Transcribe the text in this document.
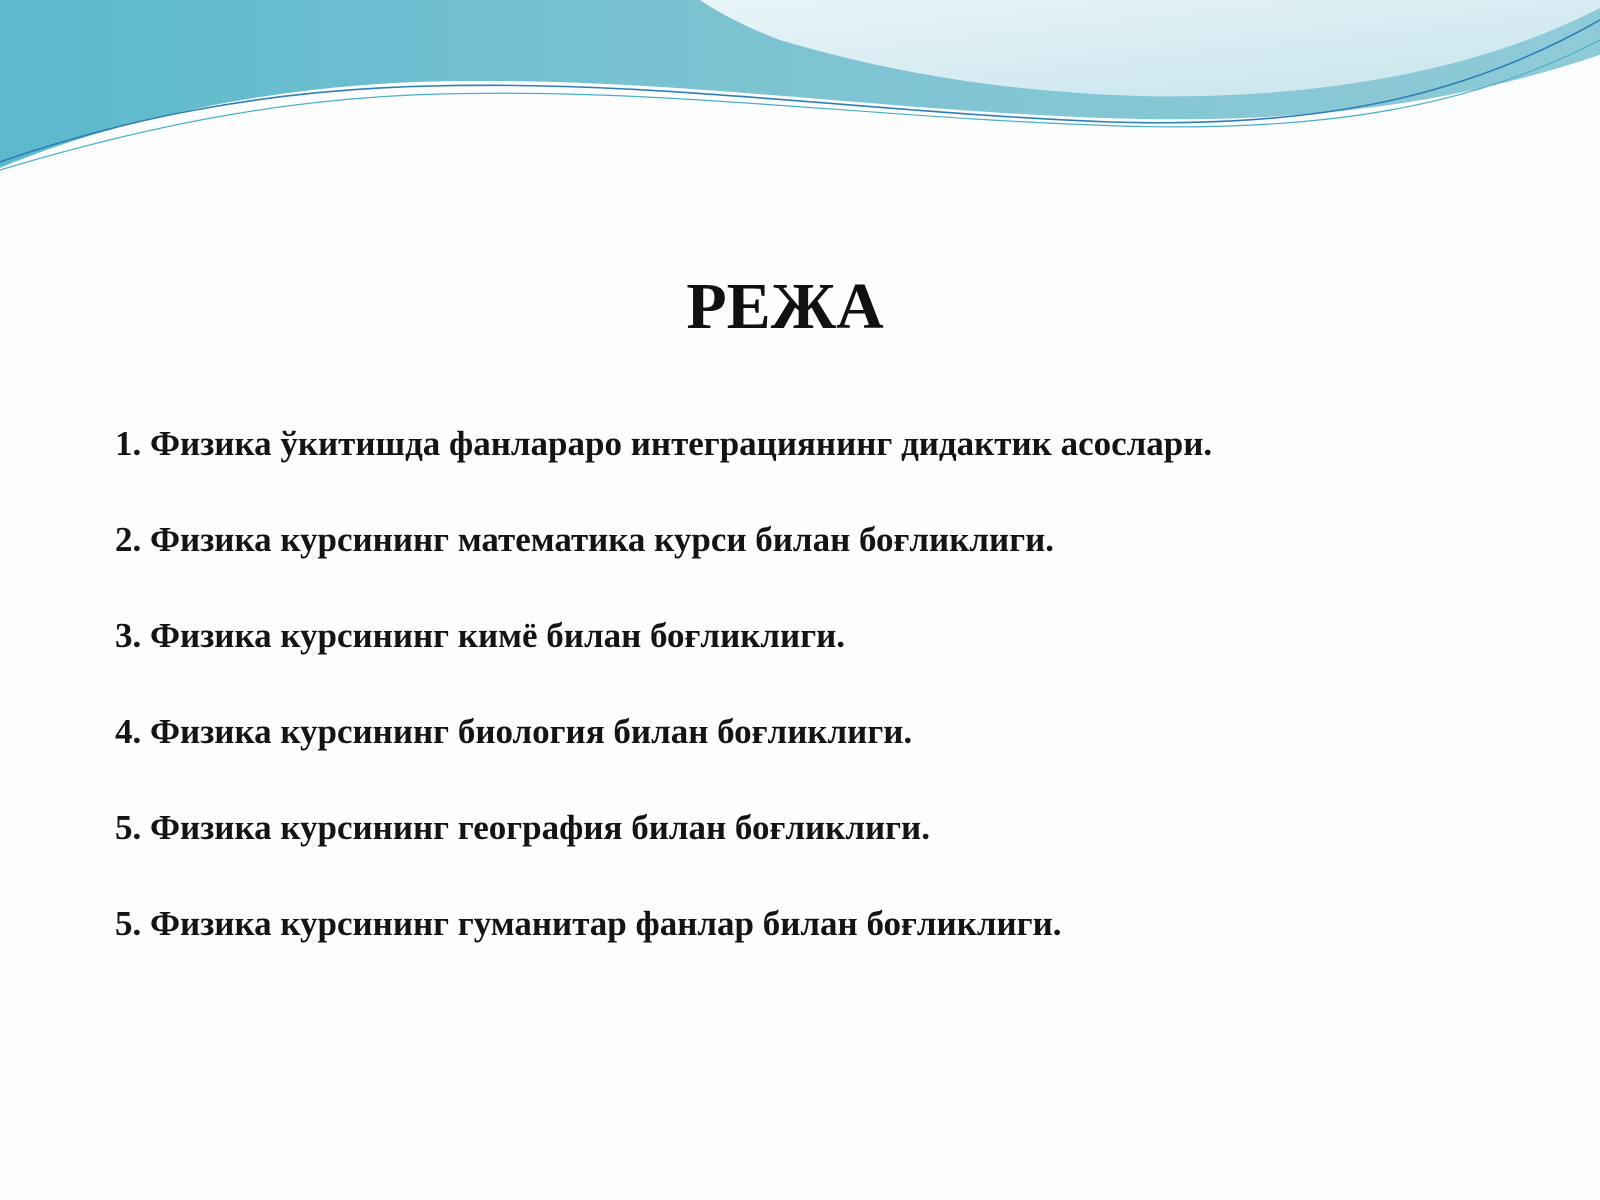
РЕЖА
1. Физика ўкитишда фанлараро интеграциянинг дидактик асослари.
2. Физика курсининг математика курси билан боғликлиги.
3. Физика курсининг кимё билан боғликлиги.
4. Физика курсининг биология билан боғликлиги.
5. Физика курсининг география билан боғликлиги.
5. Физика курсининг гуманитар фанлар билан боғликлиги.
